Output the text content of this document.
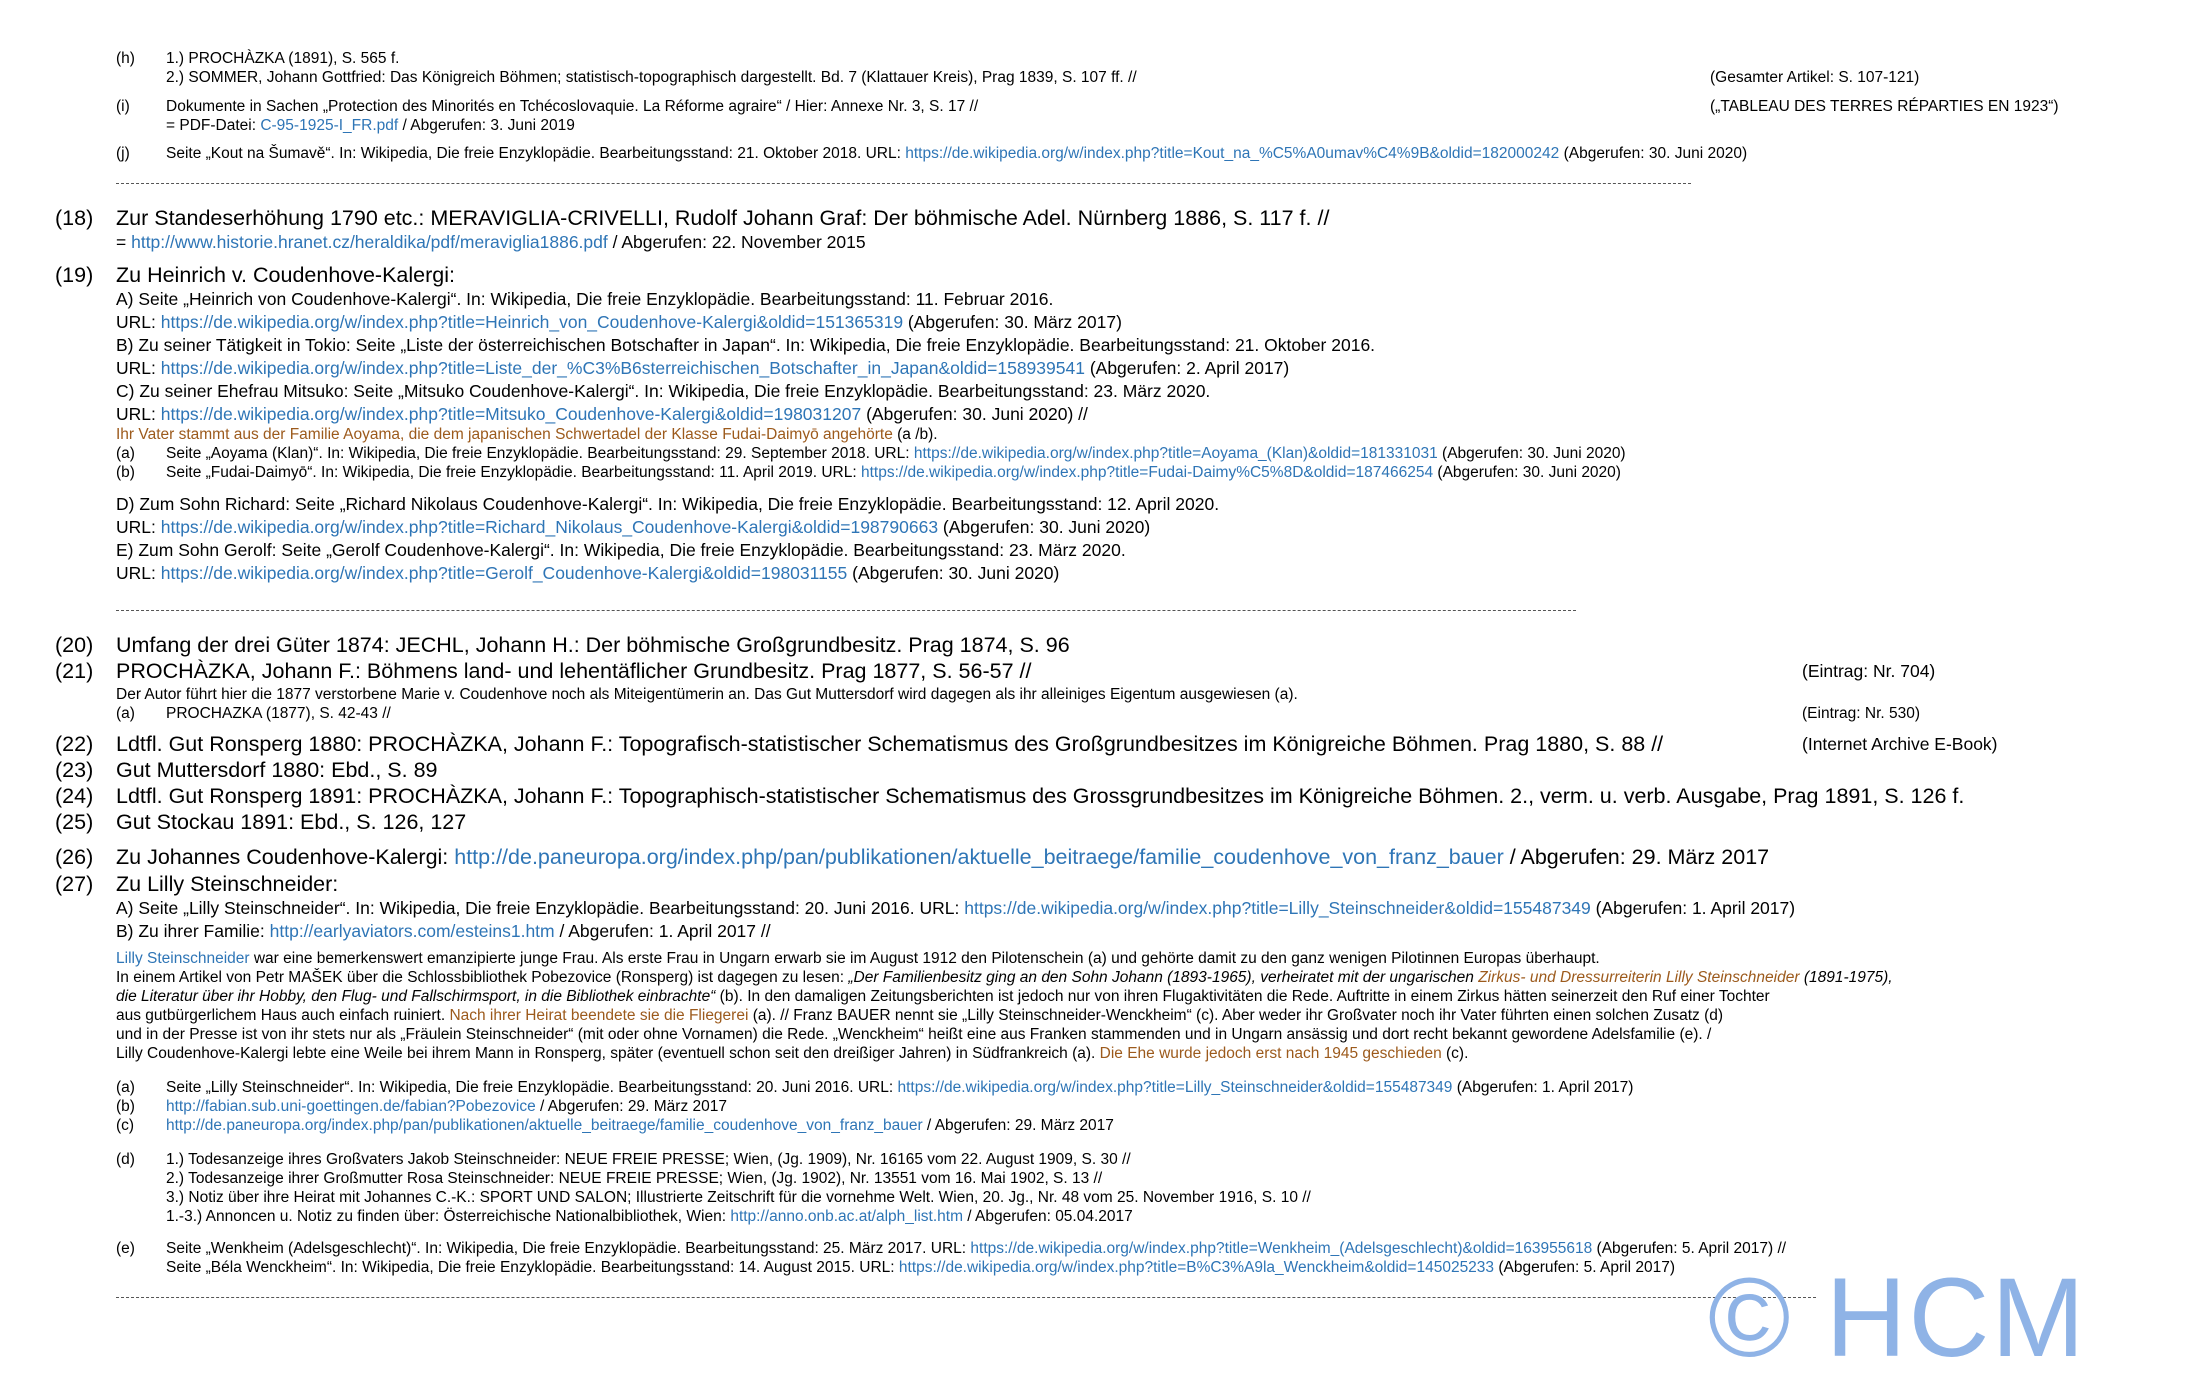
(h) 1.) PROCHÀZKA (1891), S. 565 f.
2.) SOMMER, Johann Gottfried: Das Königreich Böhmen; statistisch-topographisch dargestellt. Bd. 7 (Klattauer Kreis), Prag 1839, S. 107 ff. //	(Gesamter Artikel: S. 107-121)
(i) Dokumente in Sachen „Protection des Minorités en Tchécoslovaquie. La Réforme agraire“ / Hier: Annexe Nr. 3, S. 17 //	(„TABLEAU DES TERRES RÉPARTIES EN 1923“)
= PDF-Datei: C-95-1925-I_FR.pdf / Abgerufen: 3. Juni 2019
(j) Seite „Kout na Šumavě“. In: Wikipedia, Die freie Enzyklopädie. Bearbeitungsstand: 21. Oktober 2018. URL: https://de.wikipedia.org/w/index.php?title=Kout_na_%C5%A0umav%C4%9B&oldid=182000242 (Abgerufen: 30. Juni 2020)
(18) Zur Standeserhöhung 1790 etc.: MERAVIGLIA-CRIVELLI, Rudolf Johann Graf: Der böhmische Adel. Nürnberg 1886, S. 117 f. //
= http://www.historie.hranet.cz/heraldika/pdf/meraviglia1886.pdf / Abgerufen: 22. November 2015
(19) Zu Heinrich v. Coudenhove-Kalergi:
A) Seite „Heinrich von Coudenhove-Kalergi“. In: Wikipedia, Die freie Enzyklopädie. Bearbeitungsstand: 11. Februar 2016.
URL: https://de.wikipedia.org/w/index.php?title=Heinrich_von_Coudenhove-Kalergi&oldid=151365319 (Abgerufen: 30. März 2017)
B) Zu seiner Tätigkeit in Tokio: Seite „Liste der österreichischen Botschafter in Japan“. In: Wikipedia, Die freie Enzyklopädie. Bearbeitungsstand: 21. Oktober 2016.
URL: https://de.wikipedia.org/w/index.php?title=Liste_der_%C3%B6sterreichischen_Botschafter_in_Japan&oldid=158939541 (Abgerufen: 2. April 2017)
C) Zu seiner Ehefrau Mitsuko: Seite „Mitsuko Coudenhove-Kalergi“. In: Wikipedia, Die freie Enzyklopädie. Bearbeitungsstand: 23. März 2020.
URL: https://de.wikipedia.org/w/index.php?title=Mitsuko_Coudenhove-Kalergi&oldid=198031207 (Abgerufen: 30. Juni 2020) //
Ihr Vater stammt aus der Familie Aoyama, die dem japanischen Schwertadel der Klasse Fudai-Daimyō angehörte (a /b).
(a) Seite „Aoyama (Klan)“. In: Wikipedia, Die freie Enzyklopädie. Bearbeitungsstand: 29. September 2018. URL: https://de.wikipedia.org/w/index.php?title=Aoyama_(Klan)&oldid=181331031 (Abgerufen: 30. Juni 2020)
(b) Seite „Fudai-Daimyō“. In: Wikipedia, Die freie Enzyklopädie. Bearbeitungsstand: 11. April 2019. URL: https://de.wikipedia.org/w/index.php?title=Fudai-Daimy%C5%8D&oldid=187466254 (Abgerufen: 30. Juni 2020)
D) Zum Sohn Richard: Seite „Richard Nikolaus Coudenhove-Kalergi“. In: Wikipedia, Die freie Enzyklopädie. Bearbeitungsstand: 12. April 2020.
URL: https://de.wikipedia.org/w/index.php?title=Richard_Nikolaus_Coudenhove-Kalergi&oldid=198790663 (Abgerufen: 30. Juni 2020)
E) Zum Sohn Gerolf: Seite „Gerolf Coudenhove-Kalergi“. In: Wikipedia, Die freie Enzyklopädie. Bearbeitungsstand: 23. März 2020.
URL: https://de.wikipedia.org/w/index.php?title=Gerolf_Coudenhove-Kalergi&oldid=198031155 (Abgerufen: 30. Juni 2020)
(20) Umfang der drei Güter 1874: JECHL, Johann H.: Der böhmische Großgrundbesitz. Prag 1874, S. 96
(21) PROCHÀZKA, Johann F.: Böhmens land- und lehentäflicher Grundbesitz. Prag 1877, S. 56-57 //	(Eintrag: Nr. 704)
Der Autor führt hier die 1877 verstorbene Marie v. Coudenhove noch als Miteigentümerin an. Das Gut Muttersdorf wird dagegen als ihr alleiniges Eigentum ausgewiesen (a).
(a) PROCHAZKA (1877), S. 42-43 //	(Eintrag: Nr. 530)
(22) Ldtfl. Gut Ronsperg 1880: PROCHÀZKA, Johann F.: Topografisch-statistischer Schematismus des Großgrundbesitzes im Königreiche Böhmen. Prag 1880, S. 88 //	(Internet Archive E-Book)
(23) Gut Muttersdorf 1880: Ebd., S. 89
(24) Ldtfl. Gut Ronsperg 1891: PROCHÀZKA, Johann F.: Topographisch-statistischer Schematismus des Grossgrundbesitzes im Königreiche Böhmen. 2., verm. u. verb. Ausgabe, Prag 1891, S. 126 f.
(25) Gut Stockau 1891: Ebd., S. 126, 127
(26) Zu Johannes Coudenhove-Kalergi: http://de.paneuropa.org/index.php/pan/publikationen/aktuelle_beitraege/familie_coudenhove_von_franz_bauer / Abgerufen: 29. März 2017
(27) Zu Lilly Steinschneider:
A) Seite „Lilly Steinschneider“. In: Wikipedia, Die freie Enzyklopädie. Bearbeitungsstand: 20. Juni 2016. URL: https://de.wikipedia.org/w/index.php?title=Lilly_Steinschneider&oldid=155487349 (Abgerufen: 1. April 2017)
B) Zu ihrer Familie: http://earlyaviators.com/esteins1.htm / Abgerufen: 1. April 2017 //
Lilly Steinschneider war eine bemerkenswert emanzipierte junge Frau. Als erste Frau in Ungarn erwarb sie im August 1912 den Pilotenschein (a) und gehörte damit zu den ganz wenigen Pilotinnen Europas überhaupt.
In einem Artikel von Petr MAŠEK über die Schlossbibliothek Pobezovice (Ronsperg) ist dagegen zu lesen: „Der Familienbesitz ging an den Sohn Johann (1893-1965), verheiratet mit der ungarischen Zirkus- und Dressurreiterin Lilly Steinschneider (1891-1975),
die Literatur über ihr Hobby, den Flug- und Fallschirmsport, in die Bibliothek einbrachte“ (b). In den damaligen Zeitungsberichten ist jedoch nur von ihren Flugaktivitäten die Rede. Auftritte in einem Zirkus hätten seinerzeit den Ruf einer Tochter
aus gutbürgerlichem Haus auch einfach ruiniert. Nach ihrer Heirat beendete sie die Fliegerei (a). // Franz BAUER nennt sie „Lilly Steinschneider-Wenckheim“ (c). Aber weder ihr Großvater noch ihr Vater führten einen solchen Zusatz (d)
und in der Presse ist von ihr stets nur als „Fräulein Steinschneider“ (mit oder ohne Vornamen) die Rede. „Wenckheim“ heißt eine aus Franken stammenden und in Ungarn ansässig und dort recht bekannt gewordene Adelsfamilie (e). /
Lilly Coudenhove-Kalergi lebte eine Weile bei ihrem Mann in Ronsperg, später (eventuell schon seit den dreißiger Jahren) in Südfrankreich (a). Die Ehe wurde jedoch erst nach 1945 geschieden (c).
(a) Seite „Lilly Steinschneider“. In: Wikipedia, Die freie Enzyklopädie. Bearbeitungsstand: 20. Juni 2016. URL: https://de.wikipedia.org/w/index.php?title=Lilly_Steinschneider&oldid=155487349 (Abgerufen: 1. April 2017)
(b) http://fabian.sub.uni-goettingen.de/fabian?Pobezovice / Abgerufen: 29. März 2017
(c) http://de.paneuropa.org/index.php/pan/publikationen/aktuelle_beitraege/familie_coudenhove_von_franz_bauer / Abgerufen: 29. März 2017
(d) 1.) Todesanzeige ihres Großvaters Jakob Steinschneider: NEUE FREIE PRESSE; Wien, (Jg. 1909), Nr. 16165 vom 22. August 1909, S. 30 //
2.) Todesanzeige ihrer Großmutter Rosa Steinschneider: NEUE FREIE PRESSE; Wien, (Jg. 1902), Nr. 13551 vom 16. Mai 1902, S. 13 //
3.) Notiz über ihre Heirat mit Johannes C.-K.: SPORT UND SALON; Illustrierte Zeitschrift für die vornehme Welt. Wien, 20. Jg., Nr. 48 vom 25. November 1916, S. 10 //
1.-3.) Annoncen u. Notiz zu finden über: Österreichische Nationalbibliothek, Wien: http://anno.onb.ac.at/alph_list.htm / Abgerufen: 05.04.2017
(e) Seite „Wenkheim (Adelsgeschlecht)“. In: Wikipedia, Die freie Enzyklopädie. Bearbeitungsstand: 25. März 2017. URL: https://de.wikipedia.org/w/index.php?title=Wenkheim_(Adelsgeschlecht)&oldid=163955618 (Abgerufen: 5. April 2017) //
Seite „Béla Wenckheim“. In: Wikipedia, Die freie Enzyklopädie. Bearbeitungsstand: 14. August 2015. URL: https://de.wikipedia.org/w/index.php?title=B%C3%A9la_Wenckheim&oldid=145025233 (Abgerufen: 5. April 2017) © HCM
